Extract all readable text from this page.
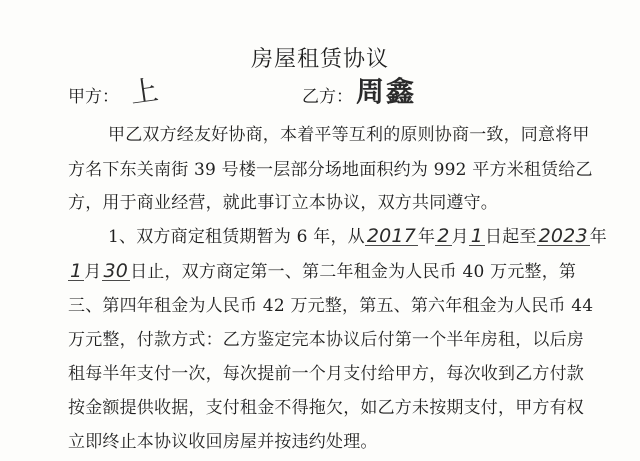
房屋租赁协议
甲方： 上	乙方： 周鑫
甲乙双方经友好协商，本着平等互利的原则协商一致，同意将甲
方名下东关南街 39 号楼一层部分场地面积约为 992 平方米租赁给乙
方，用于商业经营，就此事订立本协议，双方共同遵守。
1、双方商定租赁期暂为 6 年，从 2017 年 2 月 1 日起至 2023 年
1 月 30 日止，双方商定第一、第二年租金为人民币 40 万元整，第
三、第四年租金为人民币 42 万元整，第五、第六年租金为人民币 44
万元整，付款方式：乙方鉴定完本协议后付第一个半年房租，以后房
租每半年支付一次，每次提前一个月支付给甲方，每次收到乙方付款
按金额提供收据，支付租金不得拖欠，如乙方未按期支付，甲方有权
立即终止本协议收回房屋并按违约处理。
